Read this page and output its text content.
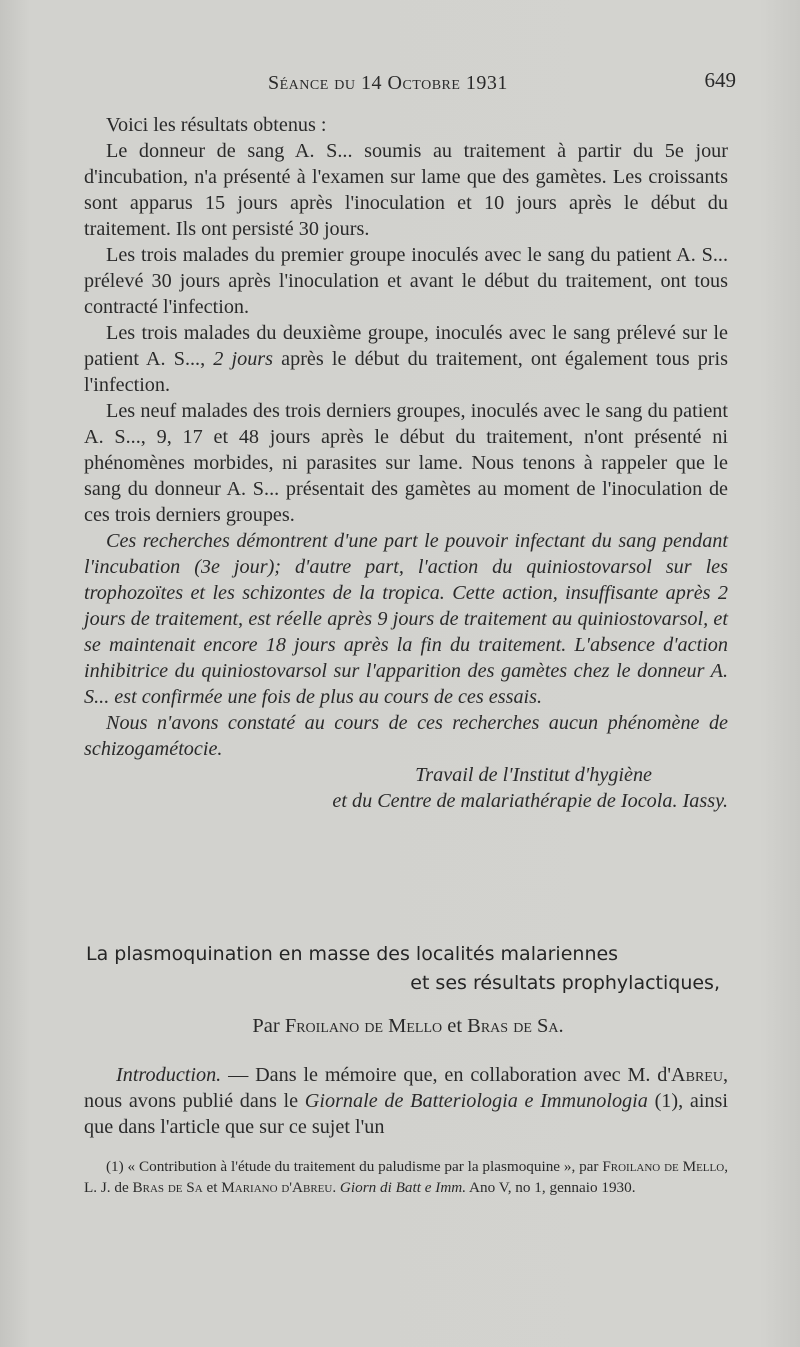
Séance du 14 Octobre 1931	649

Voici les résultats obtenus :

Le donneur de sang A. S... soumis au traitement à partir du 5e jour d'incubation, n'a présenté à l'examen sur lame que des gamètes. Les croissants sont apparus 15 jours après l'inoculation et 10 jours après le début du traitement. Ils ont persisté 30 jours.

Les trois malades du premier groupe inoculés avec le sang du patient A. S... prélevé 30 jours après l'inoculation et avant le début du traitement, ont tous contracté l'infection.

Les trois malades du deuxième groupe, inoculés avec le sang prélevé sur le patient A. S..., 2 jours après le début du traitement, ont également tous pris l'infection.

Les neuf malades des trois derniers groupes, inoculés avec le sang du patient A. S..., 9, 17 et 48 jours après le début du traitement, n'ont présenté ni phénomènes morbides, ni parasites sur lame. Nous tenons à rappeler que le sang du donneur A. S... présentait des gamètes au moment de l'inoculation de ces trois derniers groupes.

Ces recherches démontrent d'une part le pouvoir infectant du sang pendant l'incubation (3e jour); d'autre part, l'action du quiniostovarsol sur les trophozoïtes et les schizontes de la tropica. Cette action, insuffisante après 2 jours de traitement, est réelle après 9 jours de traitement au quiniostovarsol, et se maintenait encore 18 jours après la fin du traitement. L'absence d'action inhibitrice du quiniostovarsol sur l'apparition des gamètes chez le donneur A. S... est confirmée une fois de plus au cours de ces essais.

Nous n'avons constaté au cours de ces recherches aucun phénomène de schizogamétocie.

Travail de l'Institut d'hygiène

et du Centre de malariathérapie de Iocola. Iassy.

La plasmoquination en masse des localités malariennes
et ses résultats prophylactiques,
Par Froilano de Mello et Bras de Sa.

Introduction. — Dans le mémoire que, en collaboration avec M. d'Abreu, nous avons publié dans le Giornale de Batteriologia e Immunologia (1), ainsi que dans l'article que sur ce sujet l'un

(1) « Contribution à l'étude du traitement du paludisme par la plasmoquine », par Froilano de Mello, L. J. de Bras de Sa et Mariano d'Abreu. Giorn di Batt e Imm. Ano V, no 1, gennaio 1930.
